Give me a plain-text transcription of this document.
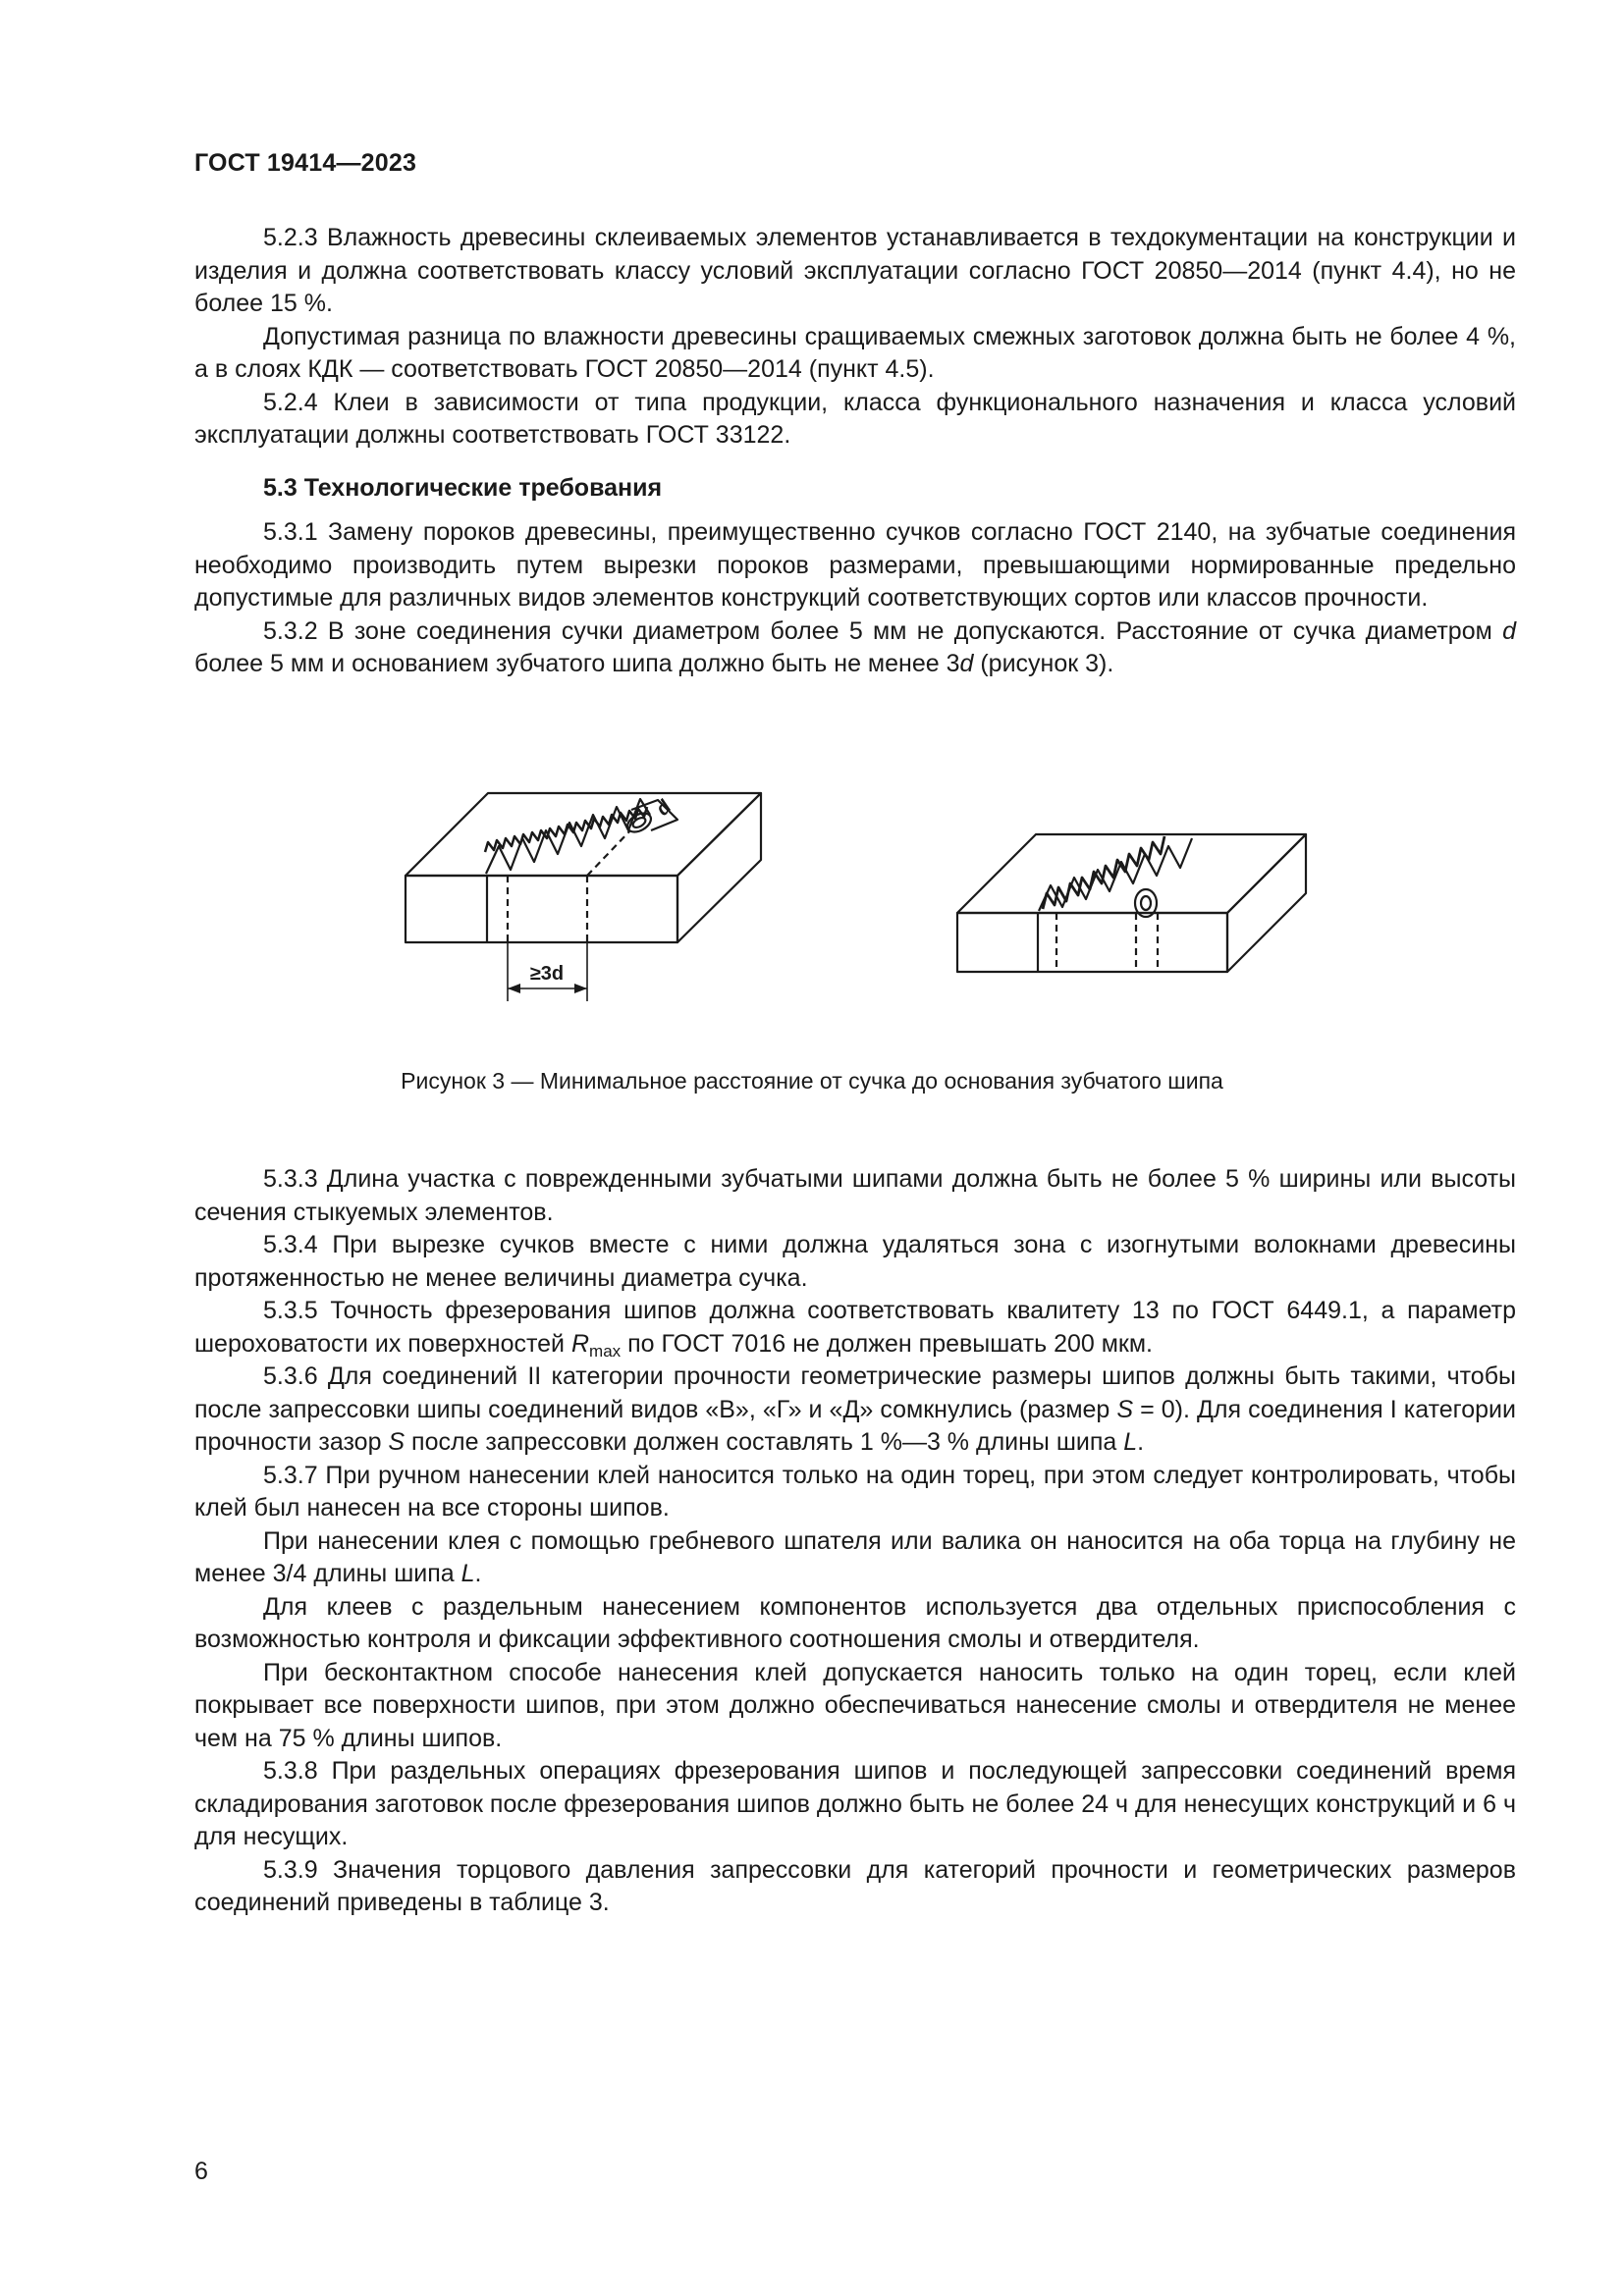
ГОСТ 19414—2023

5.2.3 Влажность древесины склеиваемых элементов устанавливается в техдокументации на конструкции и изделия и должна соответствовать классу условий эксплуатации согласно ГОСТ 20850—2014 (пункт 4.4), но не более 15 %.

Допустимая разница по влажности древесины сращиваемых смежных заготовок должна быть не более 4 %, а в слоях КДК — соответствовать ГОСТ 20850—2014 (пункт 4.5).

5.2.4 Клеи в зависимости от типа продукции, класса функционального назначения и класса условий эксплуатации должны соответствовать ГОСТ 33122.

5.3 Технологические требования

5.3.1 Замену пороков древесины, преимущественно сучков согласно ГОСТ 2140, на зубчатые соединения необходимо производить путем вырезки пороков размерами, превышающими нормированные предельно допустимые для различных видов элементов конструкций соответствующих сортов или классов прочности.

5.3.2 В зоне соединения сучки диаметром более 5 мм не допускаются. Расстояние от сучка диаметром d более 5 мм и основанием зубчатого шипа должно быть не менее 3d (рисунок 3).

d
≥3d
Рисунок 3 — Минимальное расстояние от сучка до основания зубчатого шипа

5.3.3 Длина участка с поврежденными зубчатыми шипами должна быть не более 5 % ширины или высоты сечения стыкуемых элементов.

5.3.4 При вырезке сучков вместе с ними должна удаляться зона с изогнутыми волокнами древесины протяженностью не менее величины диаметра сучка.

5.3.5 Точность фрезерования шипов должна соответствовать квалитету 13 по ГОСТ 6449.1, а параметр шероховатости их поверхностей $R_{max}$ по ГОСТ 7016 не должен превышать 200 мкм.

5.3.6 Для соединений II категории прочности геометрические размеры шипов должны быть такими, чтобы после запрессовки шипы соединений видов «В», «Г» и «Д» сомкнулись (размер S = 0). Для соединения I категории прочности зазор S после запрессовки должен составлять 1 %—3 % длины шипа L.

5.3.7 При ручном нанесении клей наносится только на один торец, при этом следует контролировать, чтобы клей был нанесен на все стороны шипов.

При нанесении клея с помощью гребневого шпателя или валика он наносится на оба торца на глубину не менее 3/4 длины шипа L.

Для клеев с раздельным нанесением компонентов используется два отдельных приспособления с возможностью контроля и фиксации эффективного соотношения смолы и отвердителя.

При бесконтактном способе нанесения клей допускается наносить только на один торец, если клей покрывает все поверхности шипов, при этом должно обеспечиваться нанесение смолы и отвердителя не менее чем на 75 % длины шипов.

5.3.8 При раздельных операциях фрезерования шипов и последующей запрессовки соединений время складирования заготовок после фрезерования шипов должно быть не более 24 ч для ненесущих конструкций и 6 ч для несущих.

5.3.9 Значения торцового давления запрессовки для категорий прочности и геометрических размеров соединений приведены в таблице 3.

6
